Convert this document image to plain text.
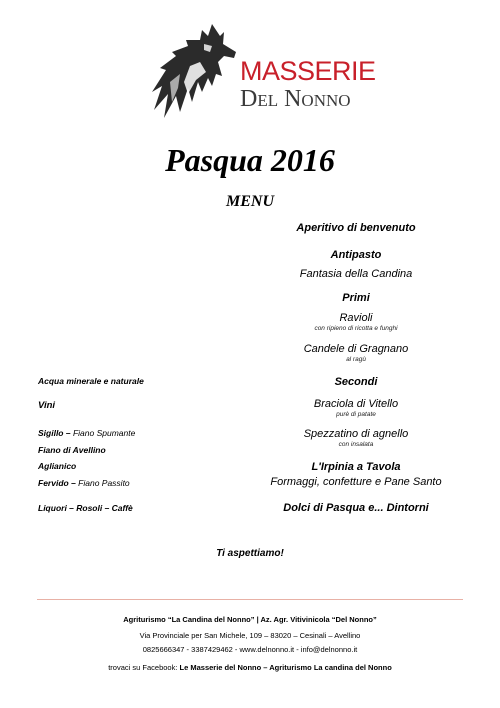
MASSERIE
Del Nonno
Pasqua 2016
MENU
Aperitivo di benvenuto
Antipasto
Fantasia della Candina
Primi
Ravioli
con ripieno di ricotta e funghi
Candele di Gragnano
al ragù
Secondi
Braciola di Vitello
purè di patate
Spezzatino di agnello
con insalata
L'Irpinia a Tavola
Formaggi, confetture e Pane Santo
Dolci di Pasqua e... Dintorni
Acqua minerale e naturale
Vini
Sigillo – Fiano Spumante
Fiano di Avellino
Aglianico
Fervido – Fiano Passito
Liquori – Rosoli – Caffè
Ti aspettiamo!
Agriturismo “La Candina del Nonno” | Az. Agr. Vitivinicola “Del Nonno”
Via Provinciale per San Michele, 109 – 83020 – Cesinali – Avellino
0825666347 - 3387429462 - www.delnonno.it - info@delnonno.it
trovaci su Facebook: Le Masserie del Nonno – Agriturismo La candina del Nonno
